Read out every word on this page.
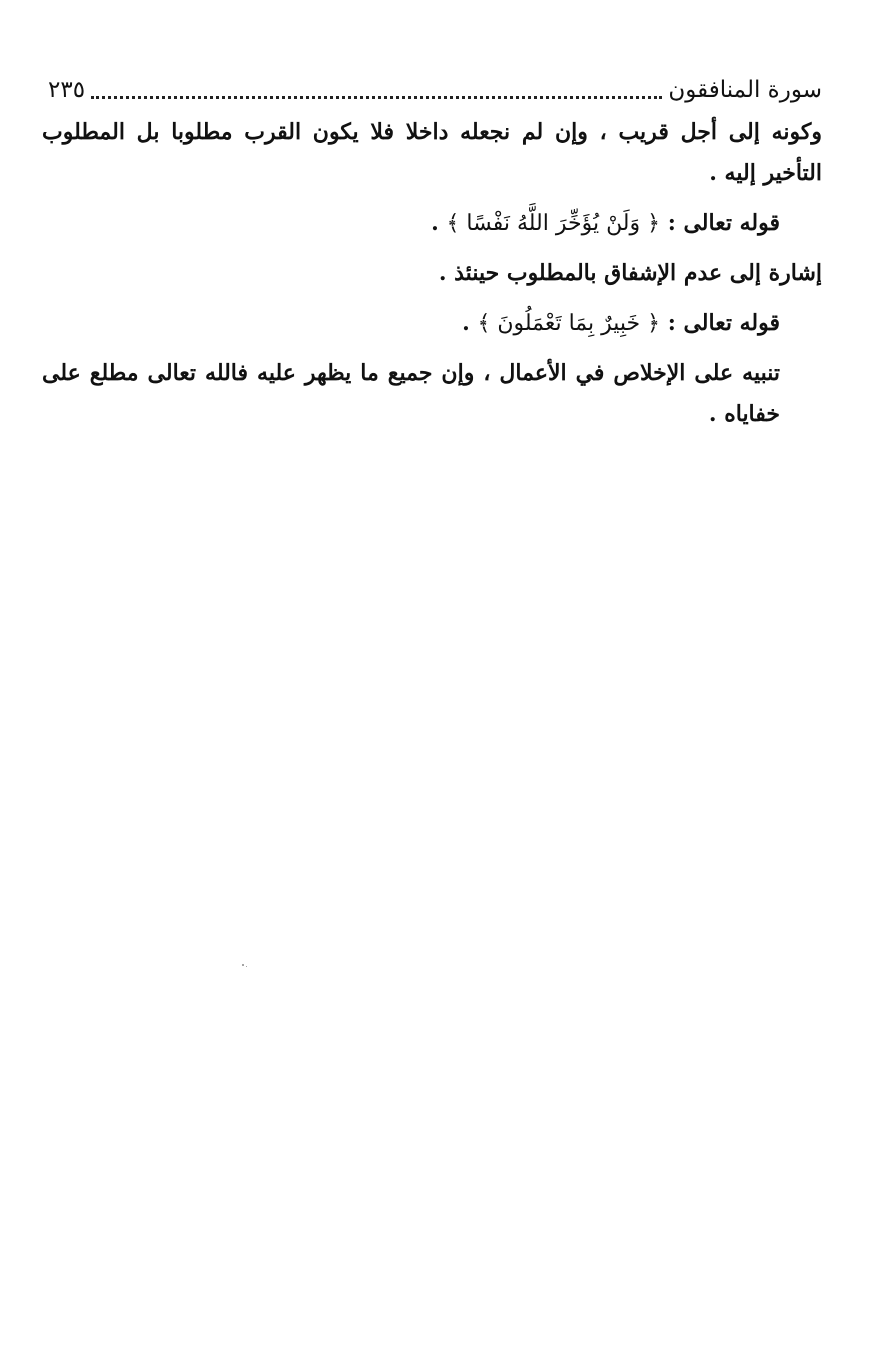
سورة المنافقون
٢٣٥

وكونه إلى أجل قريب ، وإن لم نجعله داخلا فلا يكون القرب مطلوبا بل المطلوب التأخير إليه .

قوله تعالى : ﴿ وَلَنْ يُؤَخِّرَ اللَّهُ نَفْسًا ﴾ .

إشارة إلى عدم الإشفاق بالمطلوب حينئذ .

قوله تعالى : ﴿ خَبِيرٌ بِمَا تَعْمَلُونَ ﴾ .

تنبيه على الإخلاص في الأعمال ، وإن جميع ما يظهر عليه فالله تعالى مطلع على خفاياه .
